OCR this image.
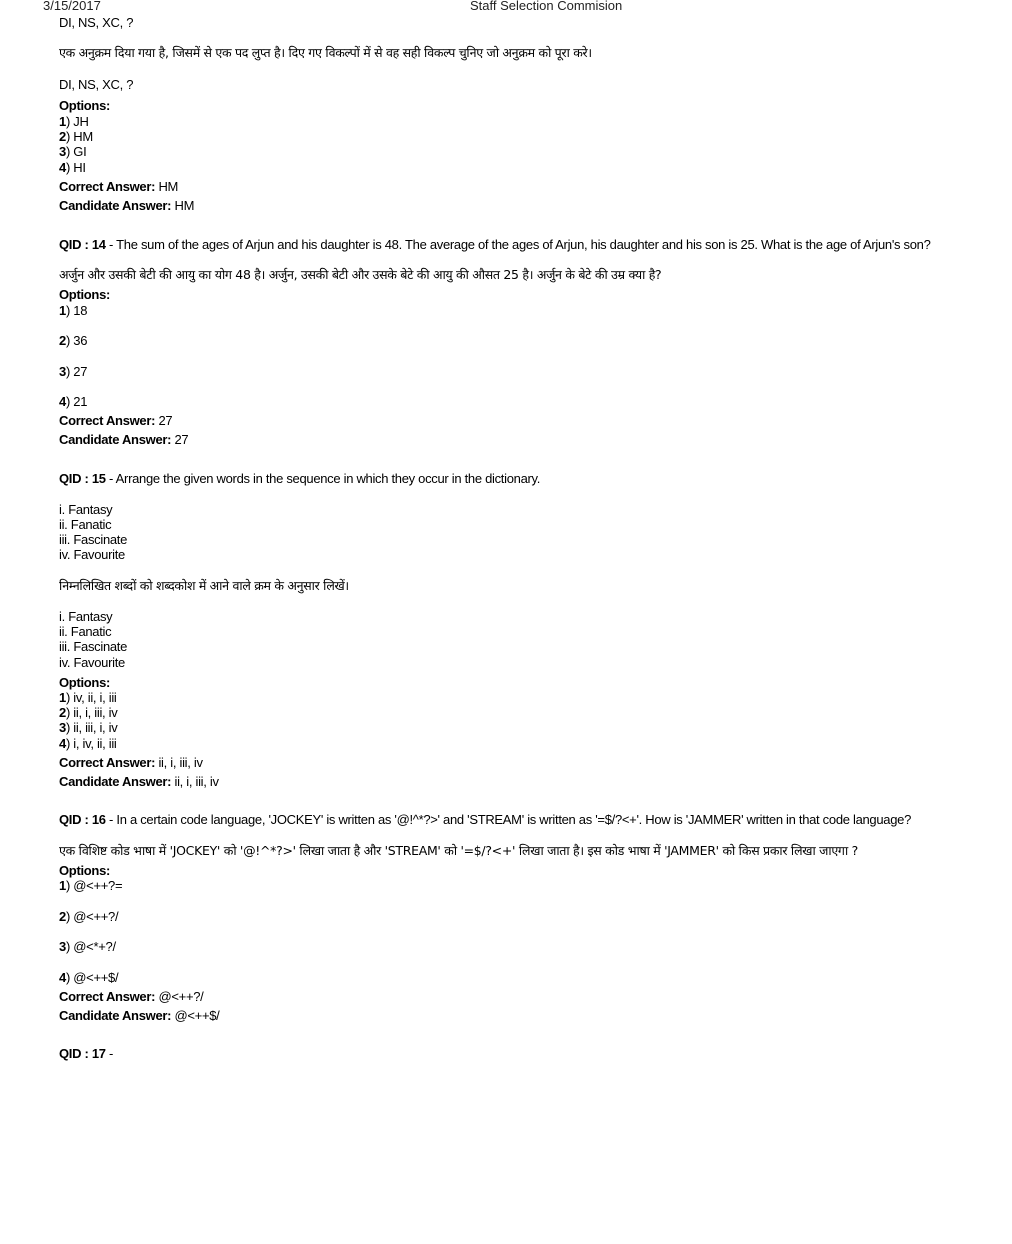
3/15/2017	Staff Selection Commision
DI, NS, XC, ?
एक अनुक्रम दिया गया है, जिसमें से एक पद लुप्त है। दिए गए विकल्पों में से वह सही विकल्प चुनिए जो अनुक्रम को पूरा करे।
DI, NS, XC, ?
Options:
1) JH
2) HM
3) GI
4) HI
Correct Answer: HM
Candidate Answer: HM
QID : 14 - The sum of the ages of Arjun and his daughter is 48. The average of the ages of Arjun, his daughter and his son is 25. What is the age of Arjun's son?
अर्जुन और उसकी बेटी की आयु का योग 48 है। अर्जुन, उसकी बेटी और उसके बेटे की आयु की औसत 25 है। अर्जुन के बेटे की उम्र क्या है?
Options:
1) 18
2) 36
3) 27
4) 21
Correct Answer: 27
Candidate Answer: 27
QID : 15 - Arrange the given words in the sequence in which they occur in the dictionary.
i. Fantasy
ii. Fanatic
iii. Fascinate
iv. Favourite
निम्नलिखित शब्दों को शब्दकोश में आने वाले क्रम के अनुसार लिखें।
i. Fantasy
ii. Fanatic
iii. Fascinate
iv. Favourite
Options:
1) iv, ii, i, iii
2) ii, i, iii, iv
3) ii, iii, i, iv
4) i, iv, ii, iii
Correct Answer: ii, i, iii, iv
Candidate Answer: ii, i, iii, iv
QID : 16 - In a certain code language, 'JOCKEY' is written as '@!^*?>' and 'STREAM' is written as '=$/?<+'. How is 'JAMMER' written in that code language?
एक विशिष्ट कोड भाषा में 'JOCKEY' को '@!^*?>' लिखा जाता है और 'STREAM' को '=$/?<+' लिखा जाता है। इस कोड भाषा में 'JAMMER' को किस प्रकार लिखा जाएगा ?
Options:
1) @<++?=
2) @<++?/
3) @<*+?/
4) @<++$/
Correct Answer: @<++?/
Candidate Answer: @<++$/
QID : 17 -
